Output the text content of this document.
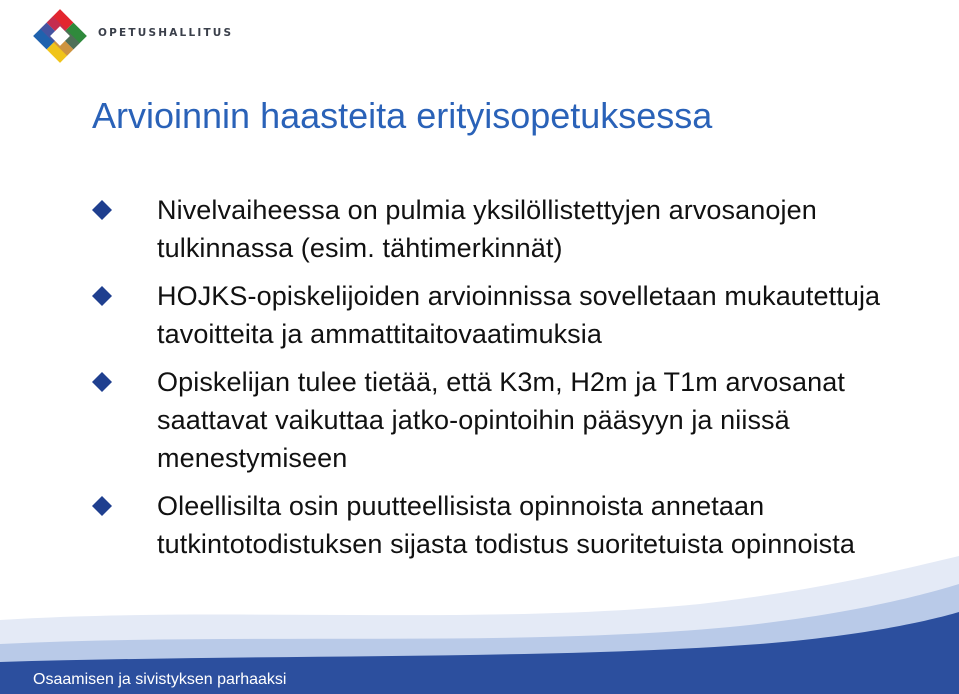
OPETUSHALLITUS
Arvioinnin haasteita erityisopetuksessa
Nivelvaiheessa on pulmia yksilöllistettyjen arvosanojen tulkinnassa (esim. tähtimerkinnät)
HOJKS-opiskelijoiden arvioinnissa sovelletaan mukautettuja tavoitteita ja ammattitaitovaatimuksia
Opiskelijan tulee tietää, että K3m, H2m ja T1m arvosanat saattavat vaikuttaa jatko-opintoihin pääsyyn ja niissä menestymiseen
Oleellisilta osin puutteellisista opinnoista annetaan tutkintotodistuksen sijasta todistus suoritetuista opinnoista
Osaamisen ja sivistyksen parhaaksi
